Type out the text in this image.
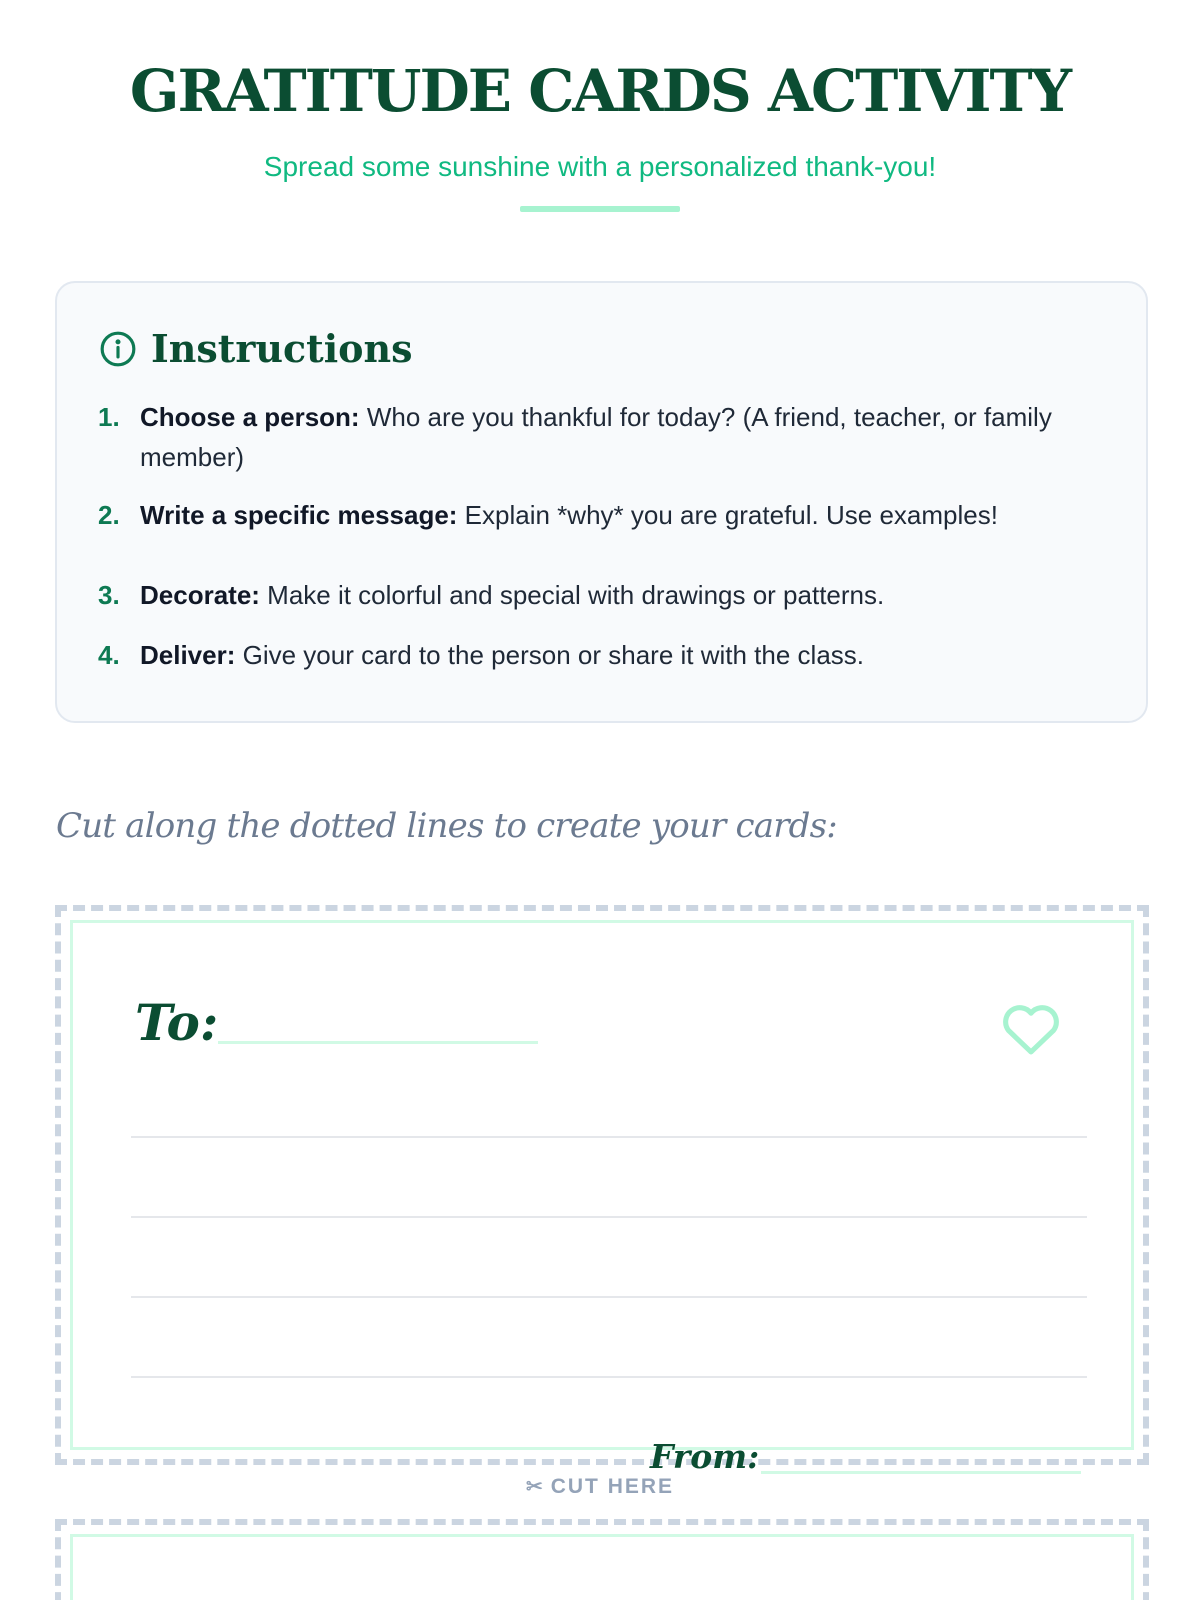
GRATITUDE CARDS ACTIVITY

Spread some sunshine with a personalized thank-you!

Instructions
1. Choose a person: Who are you thankful for today? (A friend, teacher, or family member)
2. Write a specific message: Explain *why* you are grateful. Use examples!
3. Decorate: Make it colorful and special with drawings or patterns.
4. Deliver: Give your card to the person or share it with the class.

Cut along the dotted lines to create your cards:

To:
From:
✂ CUT HERE
